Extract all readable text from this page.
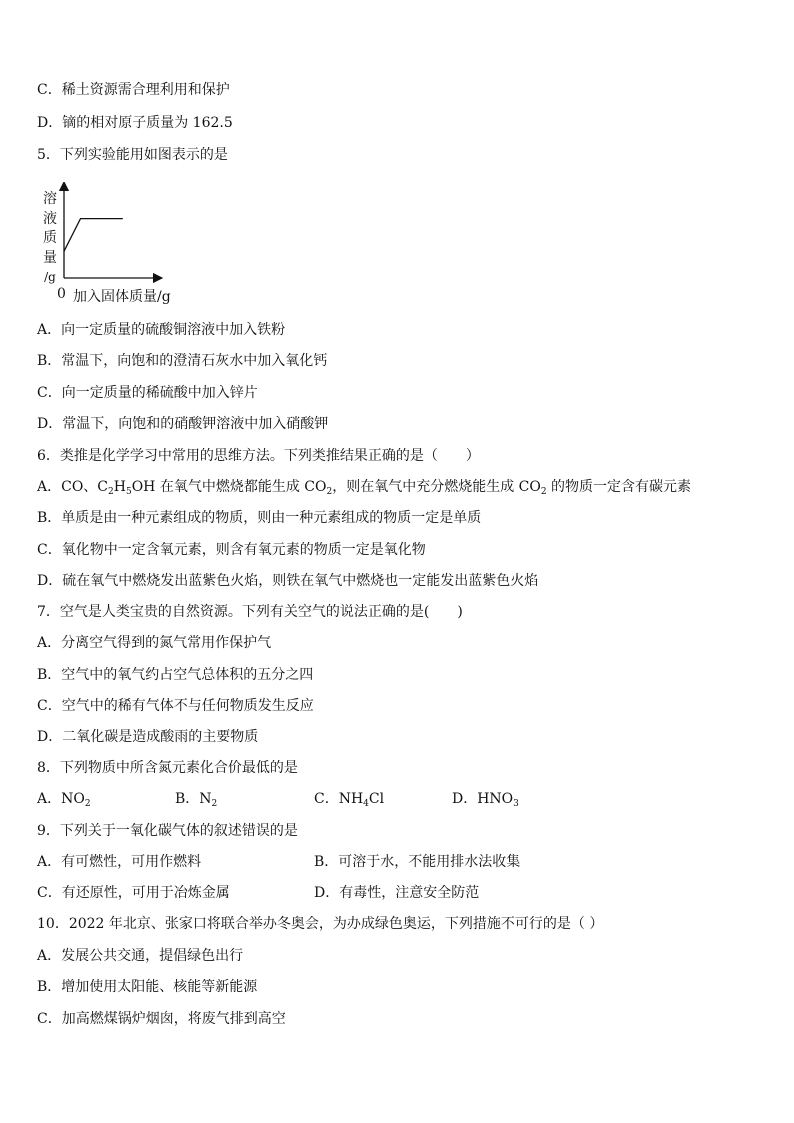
C．稀土资源需合理利用和保护
D．镝的相对原子质量为 162.5
5．下列实验能用如图表示的是
溶
液
质
量
/g
0 加入固体质量/g
A．向一定质量的硫酸铜溶液中加入铁粉
B．常温下，向饱和的澄清石灰水中加入氧化钙
C．向一定质量的稀硫酸中加入锌片
D．常温下，向饱和的硝酸钾溶液中加入硝酸钾
6．类推是化学学习中常用的思维方法。下列类推结果正确的是（　　）
A．CO、$C_2H_5OH$ 在氧气中燃烧都能生成 $CO_2$，则在氧气中充分燃烧能生成 $CO_2$ 的物质一定含有碳元素
B．单质是由一种元素组成的物质，则由一种元素组成的物质一定是单质
C．氧化物中一定含氧元素，则含有氧元素的物质一定是氧化物
D．硫在氧气中燃烧发出蓝紫色火焰，则铁在氧气中燃烧也一定能发出蓝紫色火焰
7．空气是人类宝贵的自然资源。下列有关空气的说法正确的是(　　)
A．分离空气得到的氮气常用作保护气
B．空气中的氧气约占空气总体积的五分之四
C．空气中的稀有气体不与任何物质发生反应
D．二氧化碳是造成酸雨的主要物质
8．下列物质中所含氮元素化合价最低的是
A．$NO_2$	B．$N_2$	C．$NH_4Cl$	D．$HNO_3$
9．下列关于一氧化碳气体的叙述错误的是
A．有可燃性，可用作燃料	B．可溶于水，不能用排水法收集
C．有还原性，可用于冶炼金属	D．有毒性，注意安全防范
10．2022 年北京、张家口将联合举办冬奥会，为办成绿色奥运，下列措施不可行的是（ ）
A．发展公共交通，提倡绿色出行
B．增加使用太阳能、核能等新能源
C．加高燃煤锅炉烟囱，将废气排到高空
